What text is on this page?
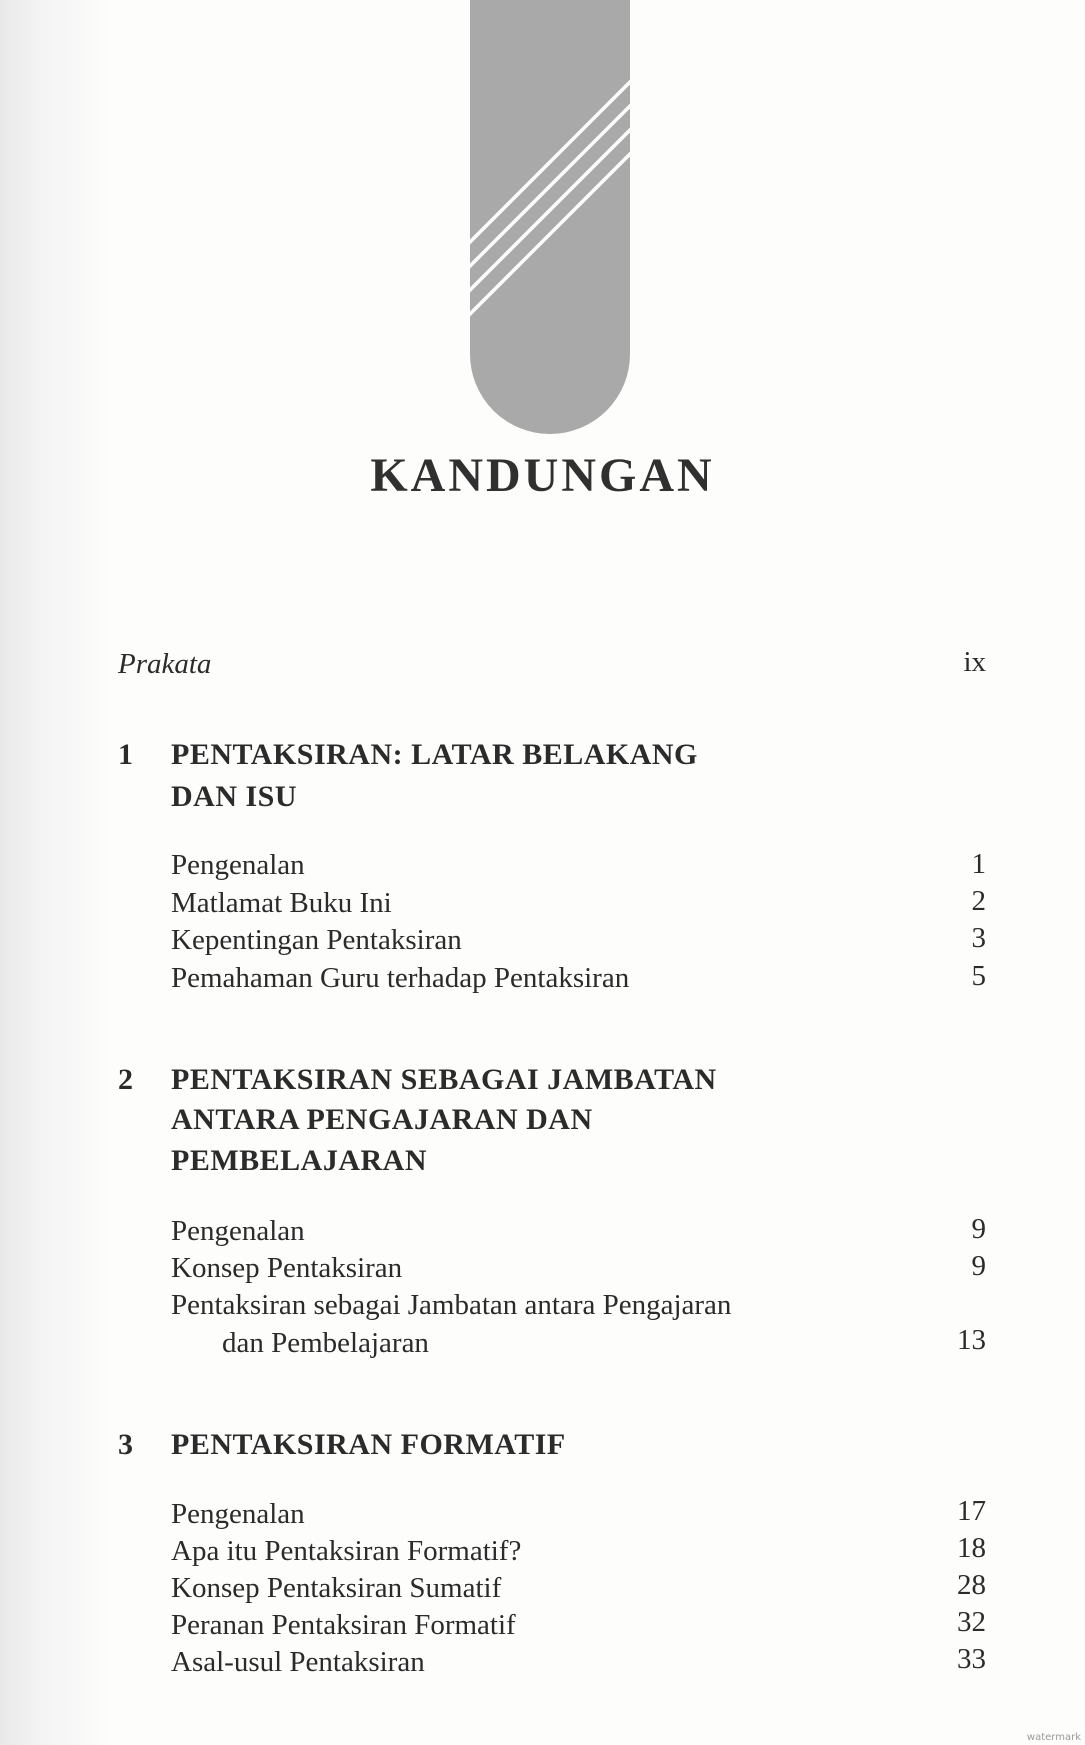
KANDUNGAN
Prakata	ix
1 PENTAKSIRAN: LATAR BELAKANG
DAN ISU
Pengenalan	1
Matlamat Buku Ini	2
Kepentingan Pentaksiran	3
Pemahaman Guru terhadap Pentaksiran	5
2 PENTAKSIRAN SEBAGAI JAMBATAN
ANTARA PENGAJARAN DAN
PEMBELAJARAN
Pengenalan	9
Konsep Pentaksiran	9
Pentaksiran sebagai Jambatan antara Pengajaran
dan Pembelajaran	13
3 PENTAKSIRAN FORMATIF
Pengenalan	17
Apa itu Pentaksiran Formatif?	18
Konsep Pentaksiran Sumatif	28
Peranan Pentaksiran Formatif	32
Asal-usul Pentaksiran	33
watermark
